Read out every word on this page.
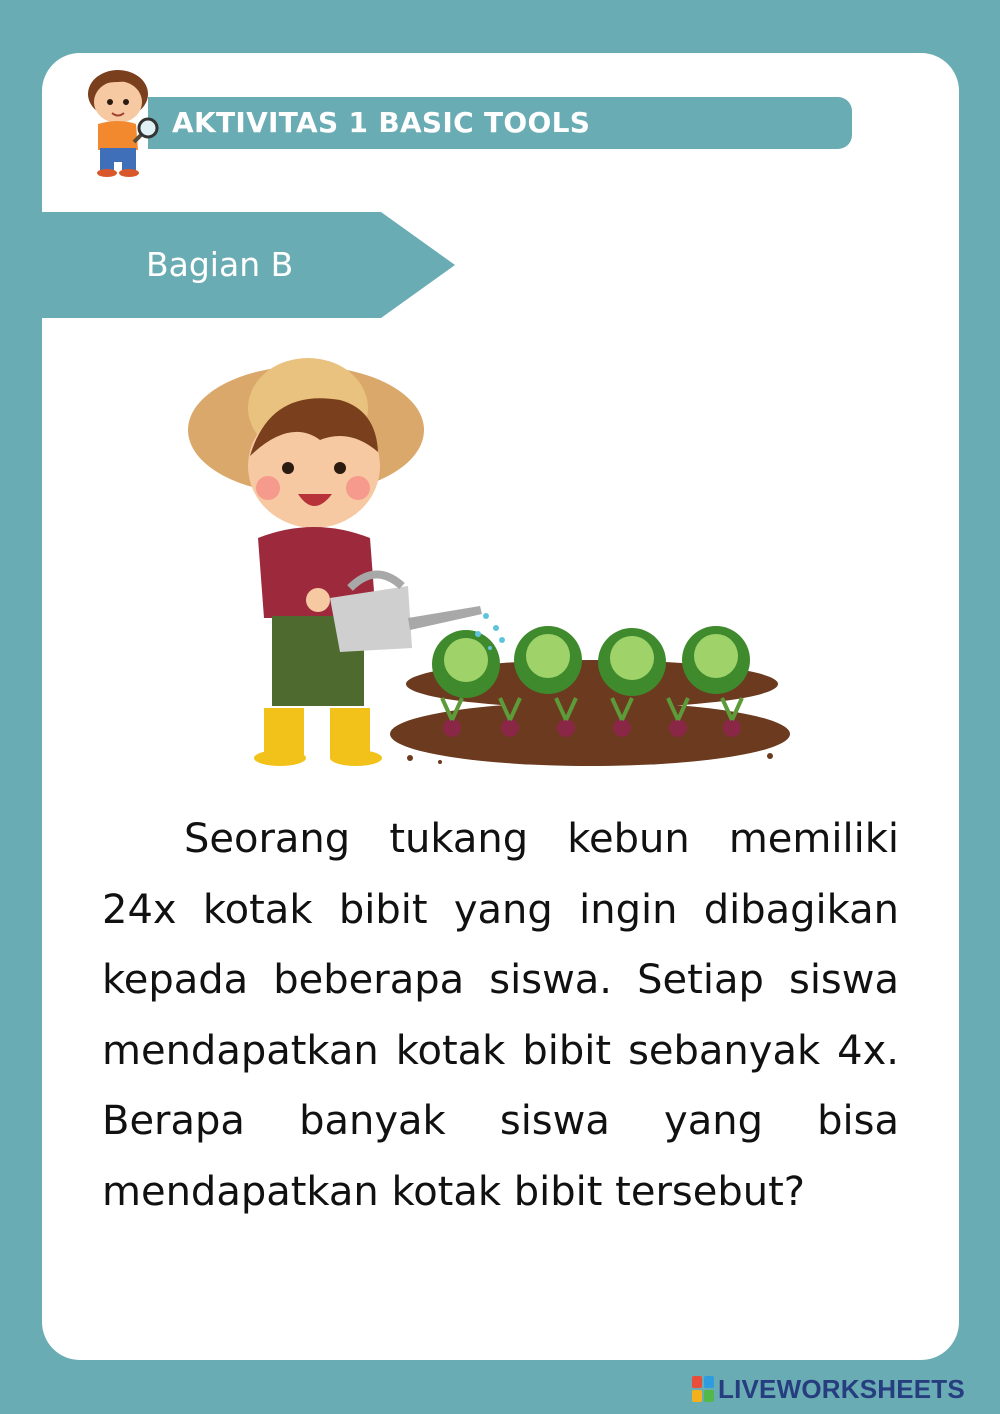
AKTIVITAS 1 BASIC TOOLS
Bagian B

Seorang tukang kebun memiliki 24x kotak bibit yang ingin dibagikan kepada beberapa siswa. Setiap siswa mendapatkan kotak bibit sebanyak 4x. Berapa banyak siswa yang bisa mendapatkan kotak bibit tersebut?

LIVEWORKSHEETS
